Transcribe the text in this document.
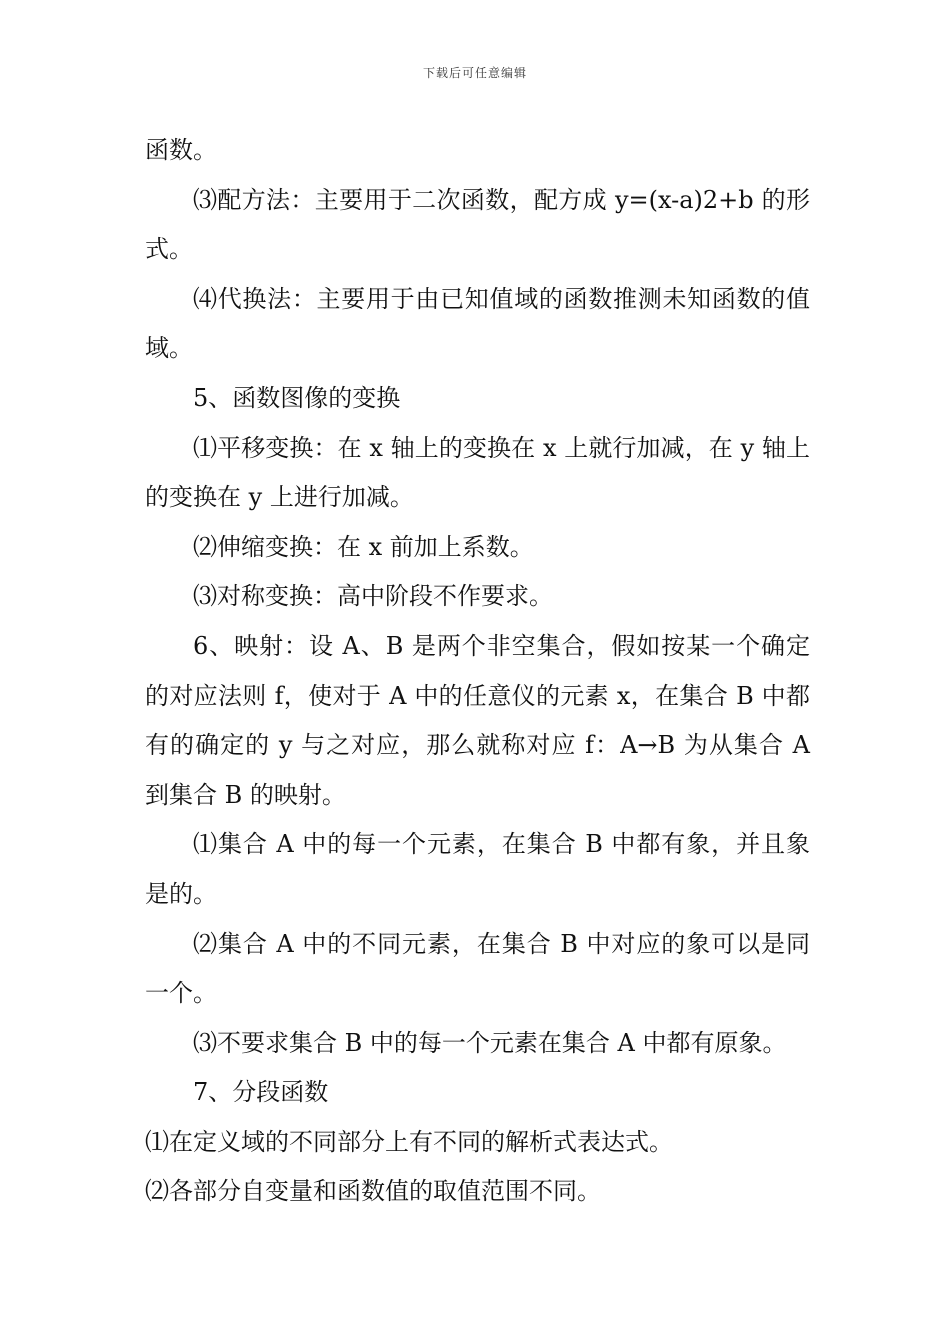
下载后可任意编辑

函数。

⑶配方法：主要用于二次函数，配方成 y=(x-a)2+b 的形式。

⑷代换法：主要用于由已知值域的函数推测未知函数的值域。

5、函数图像的变换

⑴平移变换：在 x 轴上的变换在 x 上就行加减，在 y 轴上的变换在 y 上进行加减。

⑵伸缩变换：在 x 前加上系数。

⑶对称变换：高中阶段不作要求。

6、映射：设 A、B 是两个非空集合，假如按某一个确定的对应法则 f，使对于 A 中的任意仪的元素 x，在集合 B 中都有的确定的 y 与之对应，那么就称对应 f：A→B 为从集合 A 到集合 B 的映射。

⑴集合 A 中的每一个元素，在集合 B 中都有象，并且象是的。

⑵集合 A 中的不同元素，在集合 B 中对应的象可以是同一个。

⑶不要求集合 B 中的每一个元素在集合 A 中都有原象。

7、分段函数

⑴在定义域的不同部分上有不同的解析式表达式。

⑵各部分自变量和函数值的取值范围不同。
